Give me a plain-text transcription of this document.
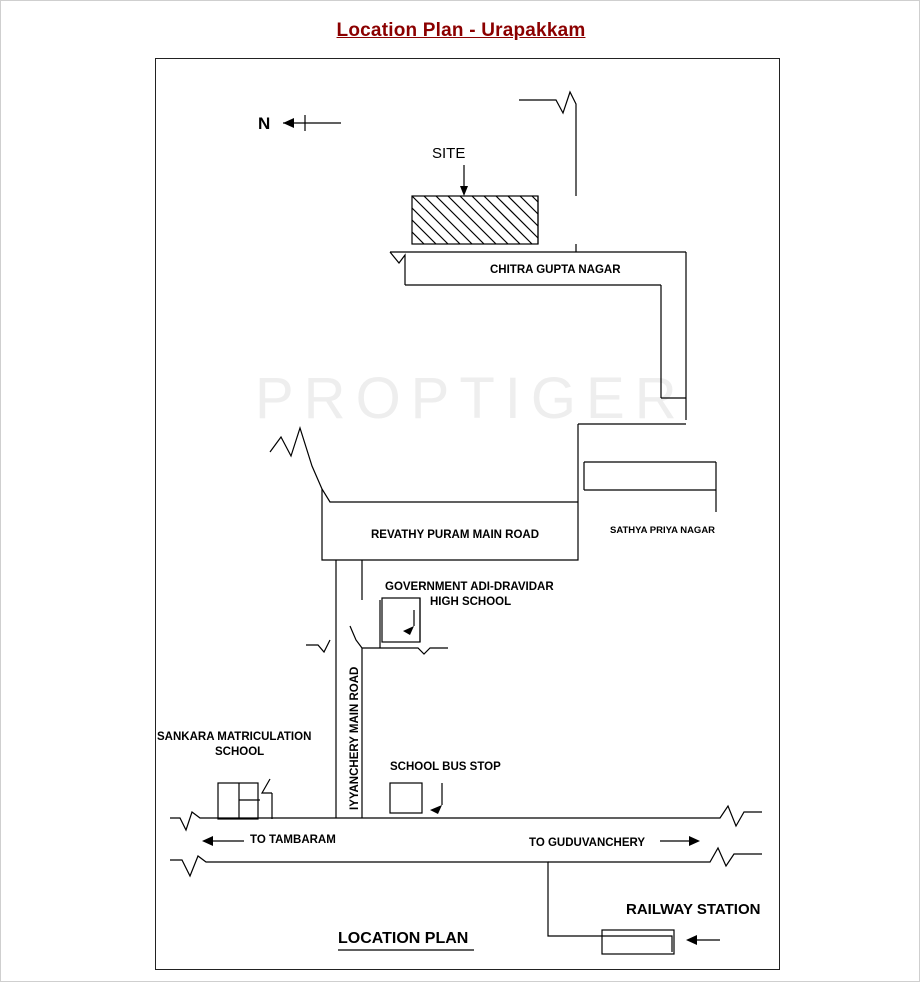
Location Plan - Urapakkam
PROPTIGER
N
SITE
CHITRA GUPTA NAGAR
SATHYA PRIYA NAGAR
REVATHY PURAM MAIN ROAD
GOVERNMENT ADI-DRAVIDAR
HIGH SCHOOL
IYYANCHERY MAIN ROAD
SANKARA MATRICULATION
SCHOOL
SCHOOL BUS STOP
TO TAMBARAM	TO GUDUVANCHERY
RAILWAY STATION
LOCATION PLAN
